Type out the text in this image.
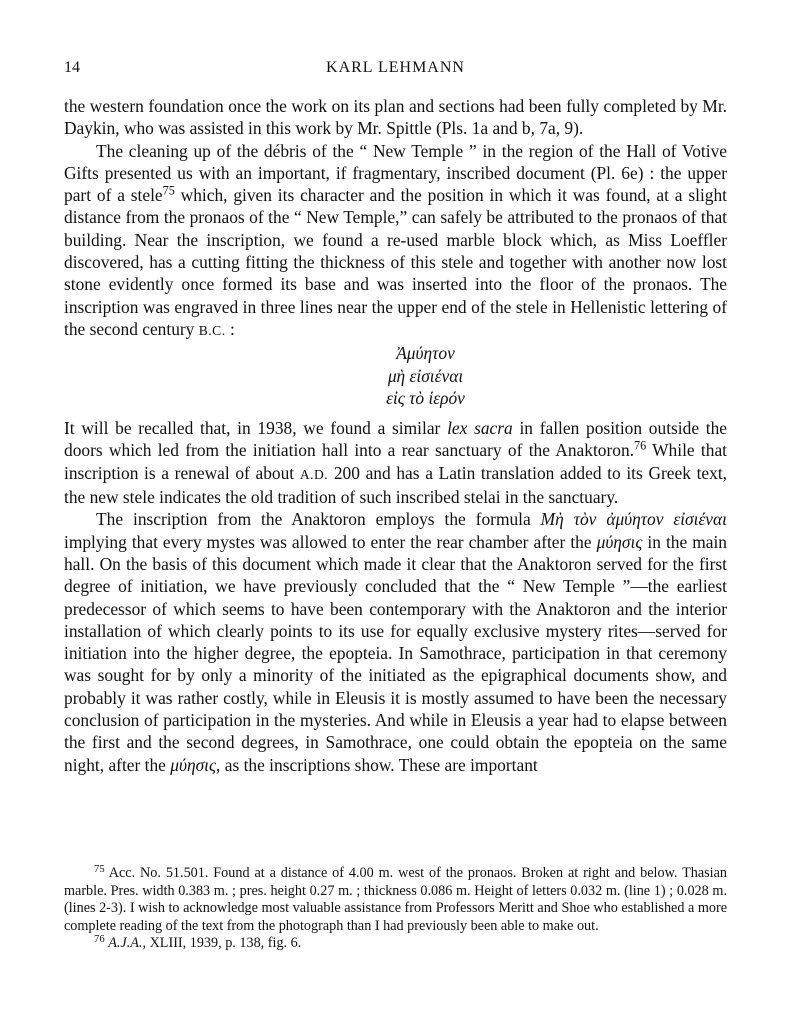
14	KARL LEHMANN

the western foundation once the work on its plan and sections had been fully completed by Mr. Daykin, who was assisted in this work by Mr. Spittle (Pls. 1a and b, 7a, 9).

The cleaning up of the débris of the “ New Temple ” in the region of the Hall of Votive Gifts presented us with an important, if fragmentary, inscribed document (Pl. 6e) : the upper part of a stele$^{75}$ which, given its character and the position in which it was found, at a slight distance from the pronaos of the “ New Temple,” can safely be attributed to the pronaos of that building. Near the inscription, we found a re-used marble block which, as Miss Loeffler discovered, has a cutting fitting the thickness of this stele and together with another now lost stone evidently once formed its base and was inserted into the floor of the pronaos. The inscription was engraved in three lines near the upper end of the stele in Hellenistic lettering of the second century B.C. :

Ἀμύητον
μὴ εἰσιέναι
εἰς τὸ ἱερόν

It will be recalled that, in 1938, we found a similar lex sacra in fallen position outside the doors which led from the initiation hall into a rear sanctuary of the Anaktoron.$^{76}$ While that inscription is a renewal of about A.D. 200 and has a Latin translation added to its Greek text, the new stele indicates the old tradition of such inscribed stelai in the sanctuary.

The inscription from the Anaktoron employs the formula Μὴ τὸν ἀμύητον εἰσιέναι implying that every mystes was allowed to enter the rear chamber after the μύησις in the main hall. On the basis of this document which made it clear that the Anaktoron served for the first degree of initiation, we have previously concluded that the “ New Temple ”—the earliest predecessor of which seems to have been contemporary with the Anaktoron and the interior installation of which clearly points to its use for equally exclusive mystery rites—served for initiation into the higher degree, the epopteia. In Samothrace, participation in that ceremony was sought for by only a minority of the initiated as the epigraphical documents show, and probably it was rather costly, while in Eleusis it is mostly assumed to have been the necessary conclusion of participation in the mysteries. And while in Eleusis a year had to elapse between the first and the second degrees, in Samothrace, one could obtain the epopteia on the same night, after the μύησις, as the inscriptions show. These are important

$^{75}$ Acc. No. 51.501. Found at a distance of 4.00 m. west of the pronaos. Broken at right and below. Thasian marble. Pres. width 0.383 m. ; pres. height 0.27 m. ; thickness 0.086 m. Height of letters 0.032 m. (line 1) ; 0.028 m. (lines 2-3). I wish to acknowledge most valuable assistance from Professors Meritt and Shoe who established a more complete reading of the text from the photograph than I had previously been able to make out.

$^{76}$ A.J.A., XLIII, 1939, p. 138, fig. 6.
